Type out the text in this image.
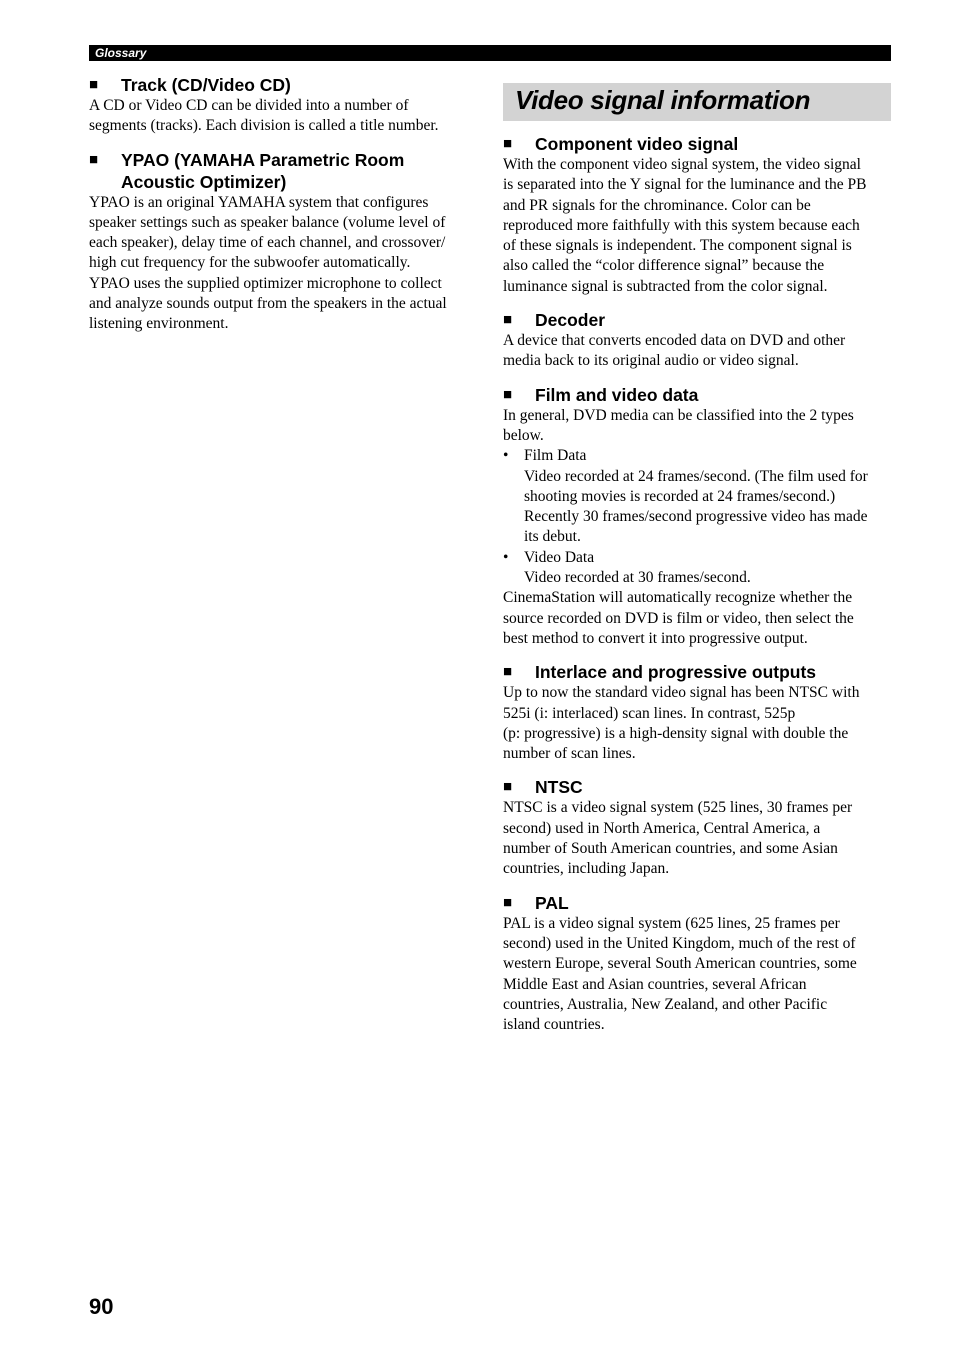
Glossary
■	Track (CD/Video CD)

A CD or Video CD can be divided into a number of
segments (tracks). Each division is called a title number.

■	YPAO (YAMAHA Parametric Room
Acoustic Optimizer)

YPAO is an original YAMAHA system that configures
speaker settings such as speaker balance (volume level of
each speaker), delay time of each channel, and crossover/
high cut frequency for the subwoofer automatically.
YPAO uses the supplied optimizer microphone to collect
and analyze sounds output from the speakers in the actual
listening environment.

Video signal information
■	Component video signal

With the component video signal system, the video signal
is separated into the Y signal for the luminance and the PB
and PR signals for the chrominance. Color can be
reproduced more faithfully with this system because each
of these signals is independent. The component signal is
also called the “color difference signal” because the
luminance signal is subtracted from the color signal.

■	Decoder

A device that converts encoded data on DVD and other
media back to its original audio or video signal.

■	Film and video data

In general, DVD media can be classified into the 2 types
below.

•	Film Data
Video recorded at 24 frames/second. (The film used for
shooting movies is recorded at 24 frames/second.)
Recently 30 frames/second progressive video has made
its debut.
•	Video Data
Video recorded at 30 frames/second.

CinemaStation will automatically recognize whether the
source recorded on DVD is film or video, then select the
best method to convert it into progressive output.

■	Interlace and progressive outputs

Up to now the standard video signal has been NTSC with
525i (i: interlaced) scan lines. In contrast, 525p
(p: progressive) is a high-density signal with double the
number of scan lines.

■	NTSC

NTSC is a video signal system (525 lines, 30 frames per
second) used in North America, Central America, a
number of South American countries, and some Asian
countries, including Japan.

■	PAL

PAL is a video signal system (625 lines, 25 frames per
second) used in the United Kingdom, much of the rest of
western Europe, several South American countries, some
Middle East and Asian countries, several African
countries, Australia, New Zealand, and other Pacific
island countries.

90
